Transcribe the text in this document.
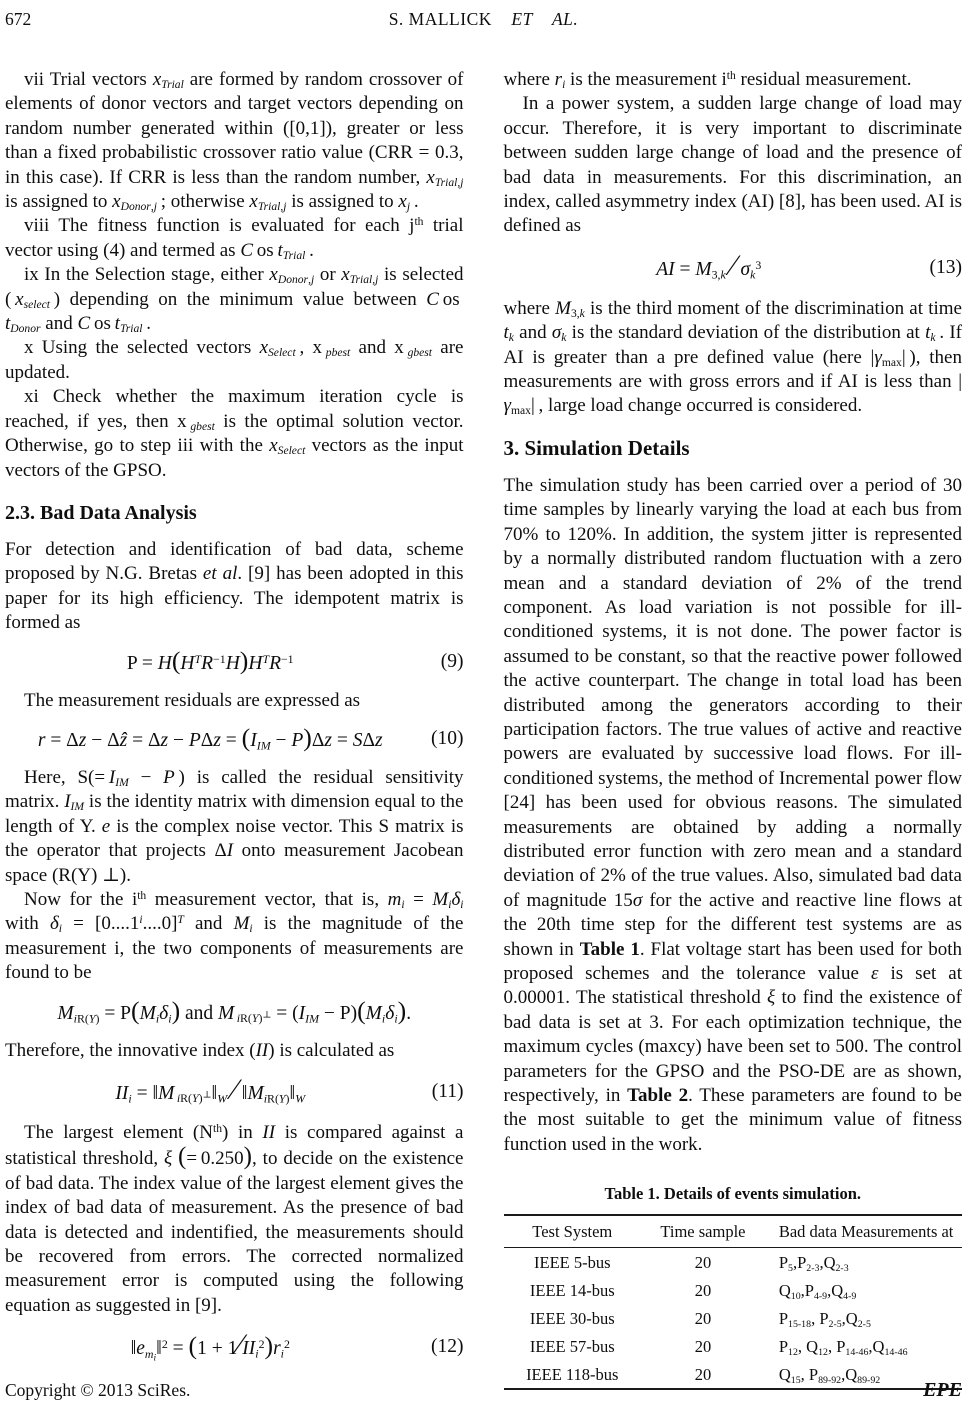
672	S. MALLICK    ET    AL.

vii Trial vectors $x_{Trial}$ are formed by random crossover of elements of donor vectors and target vectors depending on random number generated within ([0,1]), greater or less than a fixed probabilistic crossover ratio value (CRR = 0.3, in this case). If CRR is less than the random number, $x_{Trial,j}$ is assigned to $x_{Donor,j}$ ; otherwise $x_{Trial,j}$ is assigned to $x_j$ .

viii The fitness function is evaluated for each $j^{th}$ trial vector using (4) and termed as C os $t_{Trial}$ .

ix In the Selection stage, either $x_{Donor,j}$ or $x_{Trial,j}$ is selected ( $x_{select}$ ) depending on the minimum value between C os $t_{Donor}$ and C os $t_{Trial}$ .

x Using the selected vectors $x_{Select}$ , x $_{pbest}$ and x $_{gbest}$ are updated.

xi Check whether the maximum iteration cycle is reached, if yes, then x $_{gbest}$ is the optimal solution vector. Otherwise, go to step iii with the $x_{Select}$ vectors as the input vectors of the GPSO.

2.3. Bad Data Analysis

For detection and identification of bad data, scheme proposed by N.G. Bretas et al. [9] has been adopted in this paper for its high efficiency. The idempotent matrix is formed as

$P = H(H^TR^{-1}H)H^TR^{-1}$	(9)

The measurement residuals are expressed as

r = Δz − Δẑ = $\Delta z - P\Delta z = (I_{IM} - P)\Delta z = S\Delta z$	(10)

Here, $S(= I_{IM} - P$ ) is called the residual sensitivity matrix. $I_{IM}$ is the identity matrix with dimension equal to the length of Y. e is the complex noise vector. This S matrix is the operator that projects ΔI onto measurement Jacobean space (R(Y) ⊥).

Now for the $i^{th}$ measurement vector, that is, $m_i = M_i\delta_i$ with $\delta_i = [0....1^i....0]^T$ and $M_i$ is the magnitude of the measurement i, the two components of measurements are found to be

$M_{iR(Y)} = P(M_i\delta_i)$ and M  $_{iR(Y)^\perp} = (I_{IM} - P)(M_i\delta_i)$.

Therefore, the innovative index (II) is calculated as

$II_i$ = ‖M  $_{iR(Y)^\perp}‖_W$ ⁄ $‖M_{iR(Y)}‖_W$	(11)

The largest element $(N^{th})$ in II is compared against a statistical threshold, ξ (= 0.250), to decide on the existence of bad data. The index value of the largest element gives the index of bad data of measurement. As the presence of bad data is detected and indentified, the measurements should be recovered from errors. The corrected normalized measurement error is computed using the following equation as suggested in [9].

$‖e_{m_i}‖^2 = (1$ + $1⁄II_i^2)r_i^2$	(12)

where $r_i$ is the measurement $i^{th}$ residual measurement.

In a power system, a sudden large change of load may occur. Therefore, it is very important to discriminate between sudden large change of load and the presence of bad data in measurements. For this discrimination, an index, called asymmetry index (AI) [8], has been used. AI is defined as

AI = $M_{3,k}$ ⁄ $\sigma_k^3$	(13)

where $M_{3,k}$ is the third moment of the discrimination at time $t_k$ and $\sigma_k$ is the standard deviation of the distribution at $t_k$ . If AI is greater than a pre defined value (here $|\gamma_{max}|$ ), then measurements are with gross errors and if AI is less than $|\gamma_{max}|$ , large load change occurred is considered.

3. Simulation Details

The simulation study has been carried over a period of 30 time samples by linearly varying the load at each bus from 70% to 120%. In addition, the system jitter is represented by a normally distributed random fluctuation with a zero mean and a standard deviation of 2% of the trend component. As load variation is not possible for ill-conditioned systems, it is not done. The power factor is assumed to be constant, so that the reactive power followed the active counterpart. The change in total load has been distributed among the generators according to their participation factors. The true values of active and reactive powers are evaluated by successive load flows. For ill-conditioned systems, the method of Incremental power flow [24] has been used for obvious reasons. The simulated measurements are obtained by adding a normally distributed error function with zero mean and a standard deviation of 2% of the true values. Also, simulated bad data of magnitude 15σ for the active and reactive line flows at the 20th time step for the different test systems are as shown in Table 1. Flat voltage start has been used for both proposed schemes and the tolerance value ε is set at 0.00001. The statistical threshold ξ to find the existence of bad data is set at 3. For each optimization technique, the maximum cycles (maxcy) have been set to 500. The control parameters for the GPSO and the PSO-DE are as shown, respectively, in Table 2. These parameters are found to be the most suitable to get the minimum value of fitness function used in the work.

Table 1. Details of events simulation.
Test System	Time sample	Bad data Measurements at
IEEE 5-bus	20	$P_5,P_{2-3},Q_{2-3}$
IEEE 14-bus	20	$Q_{10},P_{4-9},Q_{4-9}$
IEEE 30-bus	20	$P_{15-18}$, $P_{2-5},Q_{2-5}$
IEEE 57-bus	20	$P_{12}$, $Q_{12}$, $P_{14-46},Q_{14-46}$
IEEE 118-bus	20	$Q_{15}$, $P_{89-92},Q_{89-92}$
Copyright © 2013 SciRes.	EPE
